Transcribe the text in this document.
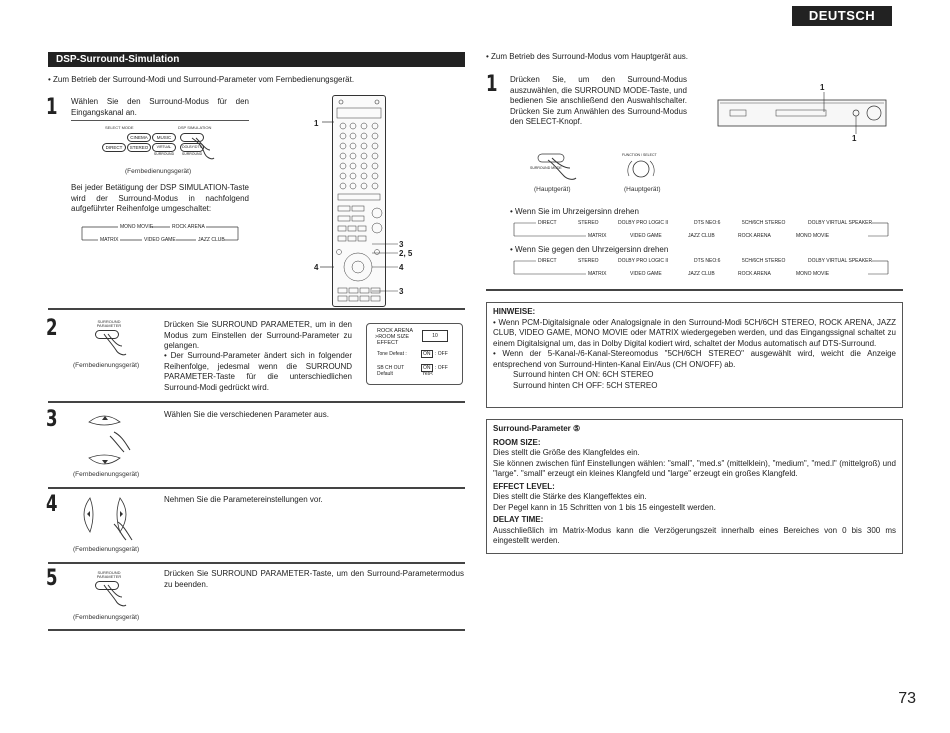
DEUTSCH
DSP-Surround-Simulation
• Zum Betrieb der Surround-Modi und Surround-Parameter vom Fernbedienungsgerät.
1 Wählen Sie den Surround-Modus für den Eingangskanal an.
SELECT MODE	DSP SIMULATION
CINEMA	MUSIC
DIRECT	STEREO	VIRTUAL SURROUND
DOLBY/DTS SURROUND
(Fernbedienungsgerät)
Bei jeder Betätigung der DSP SIMULATION-Taste wird der Surround-Modus in nachfolgend aufgeführter Reihenfolge umgeschaltet:
MONO MOVIE	ROCK ARENA
MATRIX	VIDEO GAME	JAZZ CLUB
1
3
2, 5
4	4
3
2	SURROUND PARAMETER
(Fernbedienungsgerät)
Drücken Sie SURROUND PARAMETER, um in den Modus zum Einstellen der Surround-Parameter zu gelangen.
• Der Surround-Parameter ändert sich in folgender Reihenfolge, jedesmal wenn die SURROUND PARAMETER-Taste für die unterschiedlichen Surround-Modi gedrückt wird.
ROCK ARENA
>ROOM SIZE
EFFECT
10
Tone Defeat :	ON : OFF
SB CH OUT
Default
ON : OFF
Yes<
3
(Fernbedienungsgerät)
Wählen Sie die verschiedenen Parameter aus.
4
(Fernbedienungsgerät)
Nehmen Sie die Parametereinstellungen vor.
5	SURROUND PARAMETER
(Fernbedienungsgerät)
Drücken Sie SURROUND PARAMETER-Taste, um den Surround-Parametermodus zu beenden.
• Zum Betrieb des Surround-Modus vom Hauptgerät aus.
1 Drücken Sie, um den Surround-Modus auszuwählen, die SURROUND MODE-Taste, und bedienen Sie anschließend den Auswahlschalter. Drücken Sie zum Anwählen des Surround-Modus den SELECT-Knopf.
1
1
SURROUND MODE
FUNCTION / SELECT
(Hauptgerät)	(Hauptgerät)
• Wenn Sie im Uhrzeigersinn drehen
DIRECT	STEREO	DOLBY PRO LOGIC II	DTS NEO:6	5CH/6CH STEREO	DOLBY VIRTUAL SPEAKER
MATRIX	VIDEO GAME	JAZZ CLUB	ROCK ARENA	MONO MOVIE
• Wenn Sie gegen den Uhrzeigersinn drehen
DIRECT	STEREO	DOLBY PRO LOGIC II	DTS NEO:6	5CH/6CH STEREO	DOLBY VIRTUAL SPEAKER
MATRIX	VIDEO GAME	JAZZ CLUB	ROCK ARENA	MONO MOVIE
HINWEISE:
• Wenn PCM-Digitalsignale oder Analogsignale in den Surround-Modi 5CH/6CH STEREO, ROCK ARENA, JAZZ CLUB, VIDEO GAME, MONO MOVIE oder MATRIX wiedergegeben werden, und das Eingangssignal schaltet zu einem Digitalsignal um, das in Dolby Digital kodiert wird, schaltet der Modus automatisch auf DTS-Surround.
• Wenn der 5-Kanal-/6-Kanal-Stereomodus "5CH/6CH STEREO" ausgewählt wird, weicht die Anzeige entsprechend von Surround-Hinten-Kanal Ein/Aus (CH ON/OFF) ab.
Surround hinten CH ON: 6CH STEREO
Surround hinten CH OFF: 5CH STEREO
Surround-Parameter ⑤
ROOM SIZE:
Dies stellt die Größe des Klangfeldes ein.
Sie können zwischen fünf Einstellungen wählen: "small", "med.s" (mittelklein), "medium", "med.l" (mittelgroß) und "large". "small" erzeugt ein kleines Klangfeld und "large" erzeugt ein großes Klangfeld.
EFFECT LEVEL:
Dies stellt die Stärke des Klangeffektes ein.
Der Pegel kann in 15 Schritten von 1 bis 15 eingestellt werden.
DELAY TIME:
Ausschließlich im Matrix-Modus kann die Verzögerungszeit innerhalb eines Bereiches von 0 bis 300 ms eingestellt werden.
73
